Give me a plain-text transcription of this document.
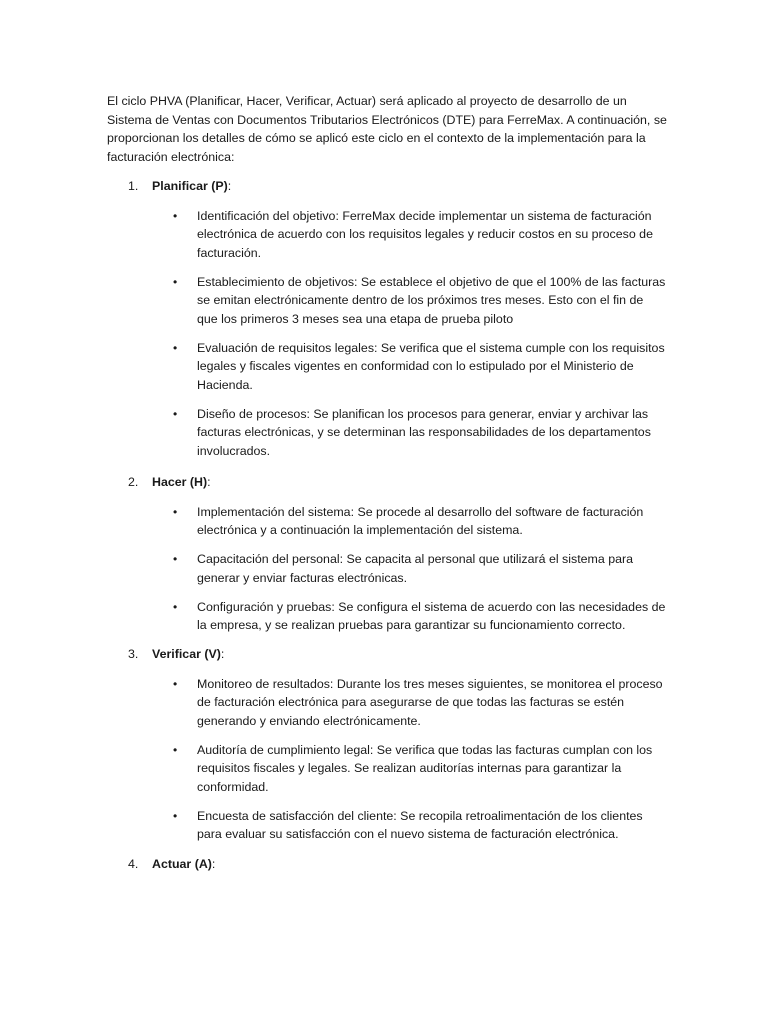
El ciclo PHVA (Planificar, Hacer, Verificar, Actuar) será aplicado al proyecto de desarrollo de un Sistema de Ventas con Documentos Tributarios Electrónicos (DTE) para FerreMax. A continuación, se proporcionan los detalles de cómo se aplicó este ciclo en el contexto de la implementación para la facturación electrónica:

1. Planificar (P):
• Identificación del objetivo: FerreMax decide implementar un sistema de facturación electrónica de acuerdo con los requisitos legales y reducir costos en su proceso de facturación.
• Establecimiento de objetivos: Se establece el objetivo de que el 100% de las facturas se emitan electrónicamente dentro de los próximos tres meses. Esto con el fin de que los primeros 3 meses sea una etapa de prueba piloto
• Evaluación de requisitos legales: Se verifica que el sistema cumple con los requisitos legales y fiscales vigentes en conformidad con lo estipulado por el Ministerio de Hacienda.
• Diseño de procesos: Se planifican los procesos para generar, enviar y archivar las facturas electrónicas, y se determinan las responsabilidades de los departamentos involucrados.
2. Hacer (H):
• Implementación del sistema: Se procede al desarrollo del software de facturación electrónica y a continuación la implementación del sistema.
• Capacitación del personal: Se capacita al personal que utilizará el sistema para generar y enviar facturas electrónicas.
• Configuración y pruebas: Se configura el sistema de acuerdo con las necesidades de la empresa, y se realizan pruebas para garantizar su funcionamiento correcto.
3. Verificar (V):
• Monitoreo de resultados: Durante los tres meses siguientes, se monitorea el proceso de facturación electrónica para asegurarse de que todas las facturas se estén generando y enviando electrónicamente.
• Auditoría de cumplimiento legal: Se verifica que todas las facturas cumplan con los requisitos fiscales y legales. Se realizan auditorías internas para garantizar la conformidad.
• Encuesta de satisfacción del cliente: Se recopila retroalimentación de los clientes para evaluar su satisfacción con el nuevo sistema de facturación electrónica.
4. Actuar (A):
